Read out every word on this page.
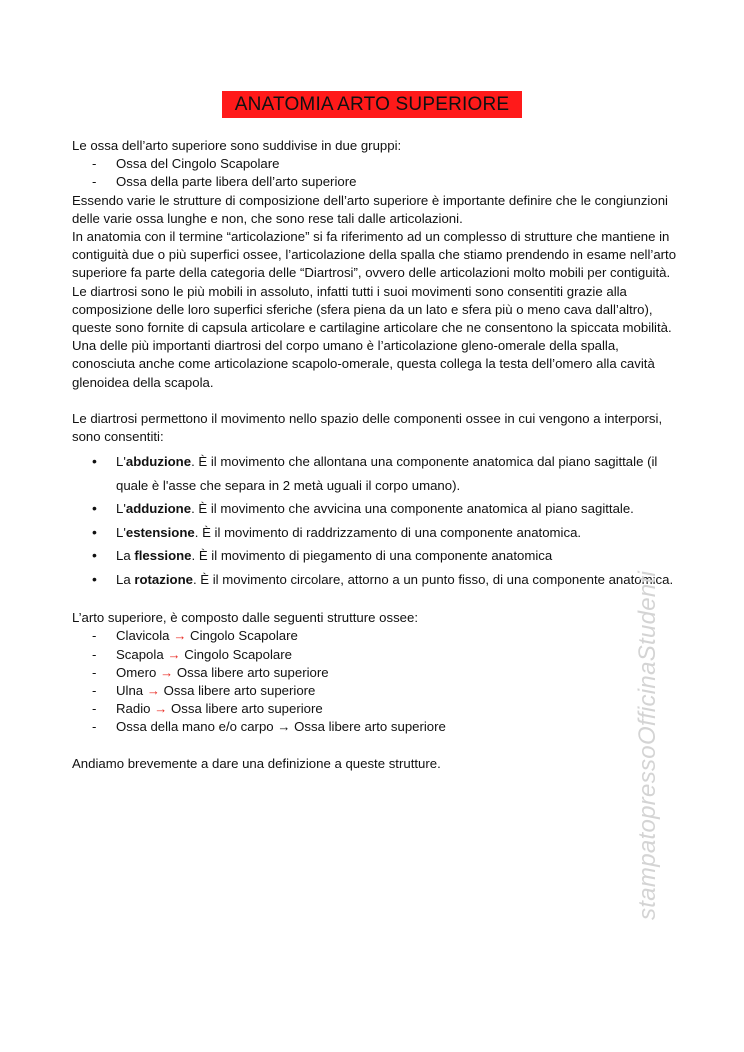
ANATOMIA ARTO SUPERIORE

Le ossa dell’arto superiore sono suddivise in due gruppi:

- Ossa del Cingolo Scapolare
- Ossa della parte libera dell’arto superiore

Essendo varie le strutture di composizione dell’arto superiore è importante definire che le congiunzioni delle varie ossa lunghe e non, che sono rese tali dalle articolazioni.

In anatomia con il termine “articolazione” si fa riferimento ad un complesso di strutture che mantiene in contiguità due o più superfici ossee, l’articolazione della spalla che stiamo prendendo in esame nell’arto superiore fa parte della categoria delle “Diartrosi”, ovvero delle articolazioni molto mobili per contiguità.

Le diartrosi sono le più mobili in assoluto, infatti tutti i suoi movimenti sono consentiti grazie alla composizione delle loro superfici sferiche (sfera piena da un lato e sfera più o meno cava dall’altro), queste sono fornite di capsula articolare e cartilagine articolare che ne consentono la spiccata mobilità.

Una delle più importanti diartrosi del corpo umano è l’articolazione gleno-omerale della spalla, conosciuta anche come articolazione scapolo-omerale, questa collega la testa dell’omero alla cavità glenoidea della scapola.

Le diartrosi permettono il movimento nello spazio delle componenti ossee in cui vengono a interporsi, sono consentiti:

• L'abduzione. È il movimento che allontana una componente anatomica dal piano sagittale (il quale è l'asse che separa in 2 metà uguali il corpo umano).
• L'adduzione. È il movimento che avvicina una componente anatomica al piano sagittale.
• L'estensione. È il movimento di raddrizzamento di una componente anatomica.
• La flessione. È il movimento di piegamento di una componente anatomica
• La rotazione. È il movimento circolare, attorno a un punto fisso, di una componente anatomica.

L’arto superiore, è composto dalle seguenti strutture ossee:

- Clavicola → Cingolo Scapolare
- Scapola → Cingolo Scapolare
- Omero → Ossa libere arto superiore
- Ulna → Ossa libere arto superiore
- Radio → Ossa libere arto superiore
- Ossa della mano e/o carpo → Ossa libere arto superiore

Andiamo brevemente a dare una definizione a queste strutture.	stampatopressoOfficinaStudenti
